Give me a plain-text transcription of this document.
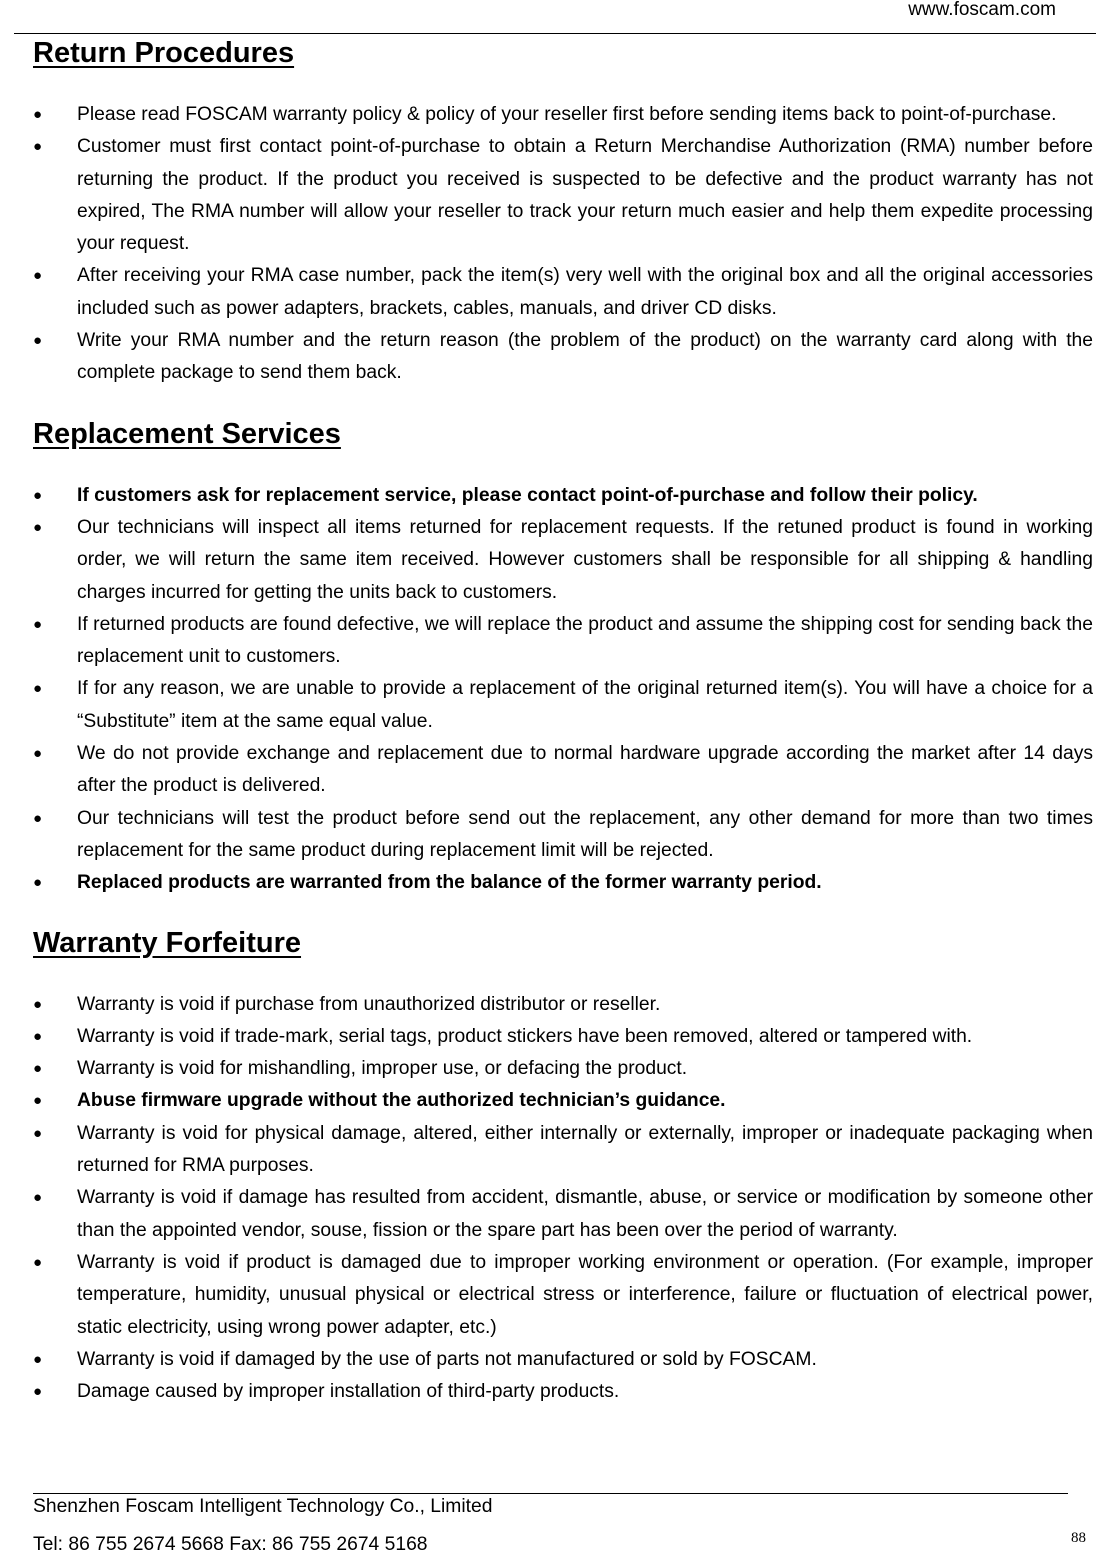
www.foscam.com
Return Procedures
● Please read FOSCAM warranty policy & policy of your reseller first before sending items back to point-of-purchase.
● Customer must first contact point-of-purchase to obtain a Return Merchandise Authorization (RMA) number before returning the product. If the product you received is suspected to be defective and the product warranty has not expired, The RMA number will allow your reseller to track your return much easier and help them expedite processing your request.
● After receiving your RMA case number, pack the item(s) very well with the original box and all the original accessories included such as power adapters, brackets, cables, manuals, and driver CD disks.
● Write your RMA number and the return reason (the problem of the product) on the warranty card along with the complete package to send them back.
Replacement Services
● If customers ask for replacement service, please contact point-of-purchase and follow their policy.
● Our technicians will inspect all items returned for replacement requests. If the retuned product is found in working order, we will return the same item received. However customers shall be responsible for all shipping & handling charges incurred for getting the units back to customers.
● If returned products are found defective, we will replace the product and assume the shipping cost for sending back the replacement unit to customers.
● If for any reason, we are unable to provide a replacement of the original returned item(s). You will have a choice for a “Substitute” item at the same equal value.
● We do not provide exchange and replacement due to normal hardware upgrade according the market after 14 days after the product is delivered.
● Our technicians will test the product before send out the replacement, any other demand for more than two times replacement for the same product during replacement limit will be rejected.
● Replaced products are warranted from the balance of the former warranty period.
Warranty Forfeiture
● Warranty is void if purchase from unauthorized distributor or reseller.
● Warranty is void if trade-mark, serial tags, product stickers have been removed, altered or tampered with.
● Warranty is void for mishandling, improper use, or defacing the product.
● Abuse firmware upgrade without the authorized technician’s guidance.
● Warranty is void for physical damage, altered, either internally or externally, improper or inadequate packaging when returned for RMA purposes.
● Warranty is void if damage has resulted from accident, dismantle, abuse, or service or modification by someone other than the appointed vendor, souse, fission or the spare part has been over the period of warranty.
● Warranty is void if product is damaged due to improper working environment or operation. (For example, improper temperature, humidity, unusual physical or electrical stress or interference, failure or fluctuation of electrical power, static electricity, using wrong power adapter, etc.)
● Warranty is void if damaged by the use of parts not manufactured or sold by FOSCAM.
● Damage caused by improper installation of third-party products.
Shenzhen Foscam Intelligent Technology Co., Limited
Tel: 86 755 2674 5668 Fax: 86 755 2674 5168	88
